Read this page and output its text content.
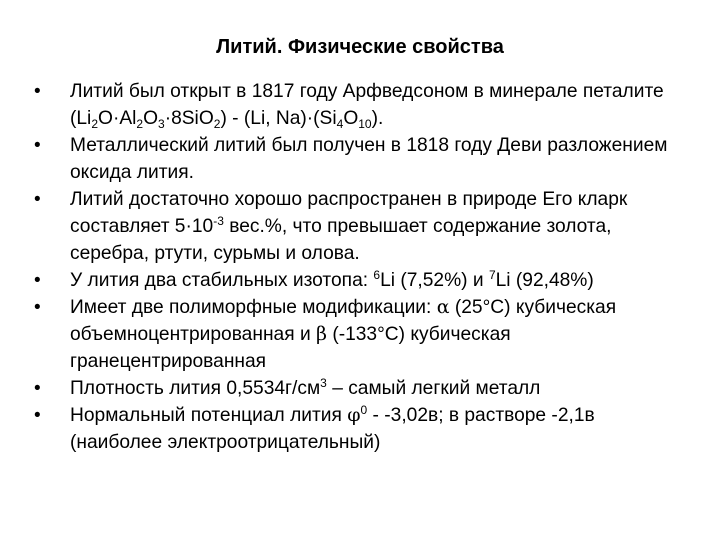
Литий. Физические свойства
• Литий был открыт в 1817 году Арфведсоном в минерале петалите $(Li_2O\cdot Al_2O_3\cdot 8SiO_2) - (Li$, $Na)\cdot(Si_4O_{10})$.
• Металлический литий был получен в 1818 году Деви разложением оксида лития.
• Литий достаточно хорошо распространен в природе Его кларк составляет $5\cdot 10^{-3}$ вес.%, что превышает содержание золота, серебра, ртути, сурьмы и олова.
• У лития два стабильных изотопа: $^6$Li (7,52%) и $^7$Li (92,48%)
• Имеет две полиморфные модификации: α (25°С) кубическая объемноцентрированная и β (-133°С) кубическая гранецентрированная
• Плотность лития $0,5534г/см^3$ – самый легкий металл
• Нормальный потенциал лития $\varphi^0 - -3,02в$; в растворе -2,1в (наиболее электроотрицательный)
